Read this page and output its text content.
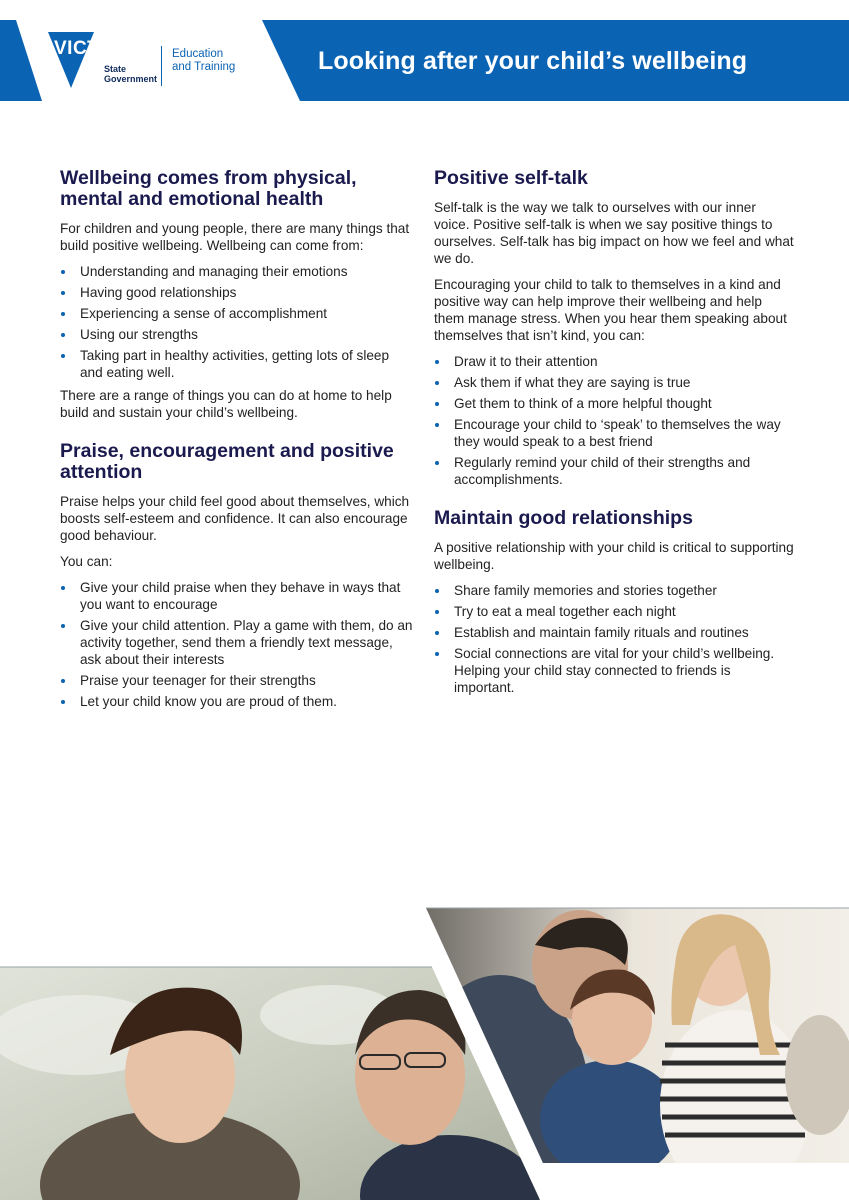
VICTORIA
State
Government
Education
and Training	Looking after your child’s wellbeing
Wellbeing comes from physical, mental and emotional health

For children and young people, there are many things that build positive wellbeing. Wellbeing can come from:

Understanding and managing their emotions
Having good relationships
Experiencing a sense of accomplishment
Using our strengths
Taking part in healthy activities, getting lots of sleep and eating well.

There are a range of things you can do at home to help build and sustain your child’s wellbeing.

Praise, encouragement and positive attention

Praise helps your child feel good about themselves, which boosts self-esteem and confidence. It can also encourage good behaviour.

You can:

Give your child praise when they behave in ways that you want to encourage
Give your child attention. Play a game with them, do an activity together, send them a friendly text message, ask about their interests
Praise your teenager for their strengths
Let your child know you are proud of them.
Positive self-talk

Self-talk is the way we talk to ourselves with our inner voice. Positive self-talk is when we say positive things to ourselves. Self-talk has big impact on how we feel and what we do.

Encouraging your child to talk to themselves in a kind and positive way can help improve their wellbeing and help them manage stress. When you hear them speaking about themselves that isn’t kind, you can:

Draw it to their attention
Ask them if what they are saying is true
Get them to think of a more helpful thought
Encourage your child to ‘speak’ to themselves the way they would speak to a best friend
Regularly remind your child of their strengths and accomplishments.
Maintain good relationships

A positive relationship with your child is critical to supporting wellbeing.

Share family memories and stories together
Try to eat a meal together each night
Establish and maintain family rituals and routines
Social connections are vital for your child’s wellbeing. Helping your child stay connected to friends is important.
